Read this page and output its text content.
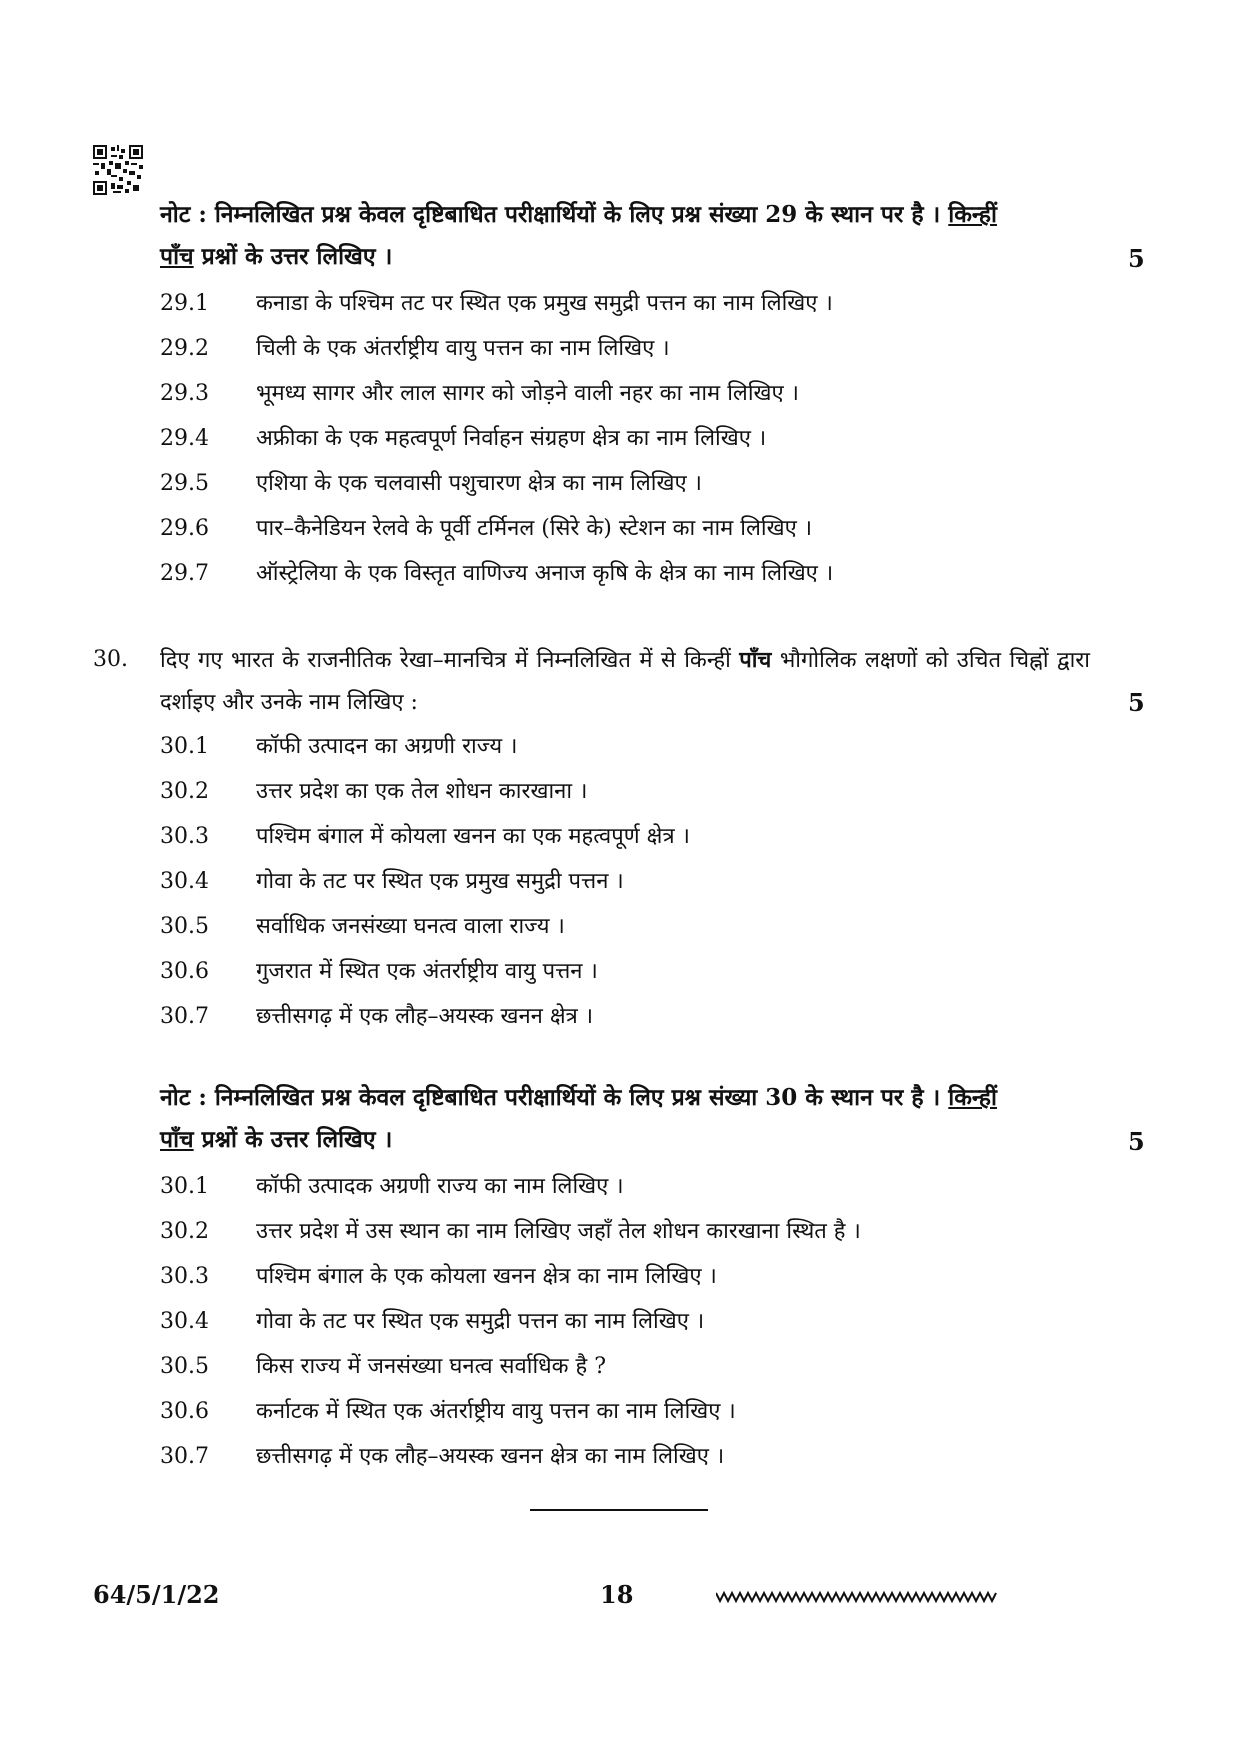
नोट : निम्नलिखित प्रश्न केवल दृष्टिबाधित परीक्षार्थियों के लिए प्रश्न संख्या 29 के स्थान पर है । किन्हीं
पाँच प्रश्नों के उत्तर लिखिए ।	5
29.1 कनाडा के पश्चिम तट पर स्थित एक प्रमुख समुद्री पत्तन का नाम लिखिए ।
29.2 चिली के एक अंतर्राष्ट्रीय वायु पत्तन का नाम लिखिए ।
29.3 भूमध्य सागर और लाल सागर को जोड़ने वाली नहर का नाम लिखिए ।
29.4 अफ्रीका के एक महत्वपूर्ण निर्वाहन संग्रहण क्षेत्र का नाम लिखिए ।
29.5 एशिया के एक चलवासी पशुचारण क्षेत्र का नाम लिखिए ।
29.6 पार–कैनेडियन रेलवे के पूर्वी टर्मिनल (सिरे के) स्टेशन का नाम लिखिए ।
29.7 ऑस्ट्रेलिया के एक विस्तृत वाणिज्य अनाज कृषि के क्षेत्र का नाम लिखिए ।
30. दिए गए भारत के राजनीतिक रेखा–मानचित्र में निम्नलिखित में से किन्हीं पाँच भौगोलिक लक्षणों को उचित चिह्नों द्वारा दर्शाइए और उनके नाम लिखिए :	5
30.1 कॉफी उत्पादन का अग्रणी राज्य ।
30.2 उत्तर प्रदेश का एक तेल शोधन कारखाना ।
30.3 पश्चिम बंगाल में कोयला खनन का एक महत्वपूर्ण क्षेत्र ।
30.4 गोवा के तट पर स्थित एक प्रमुख समुद्री पत्तन ।
30.5 सर्वाधिक जनसंख्या घनत्व वाला राज्य ।
30.6 गुजरात में स्थित एक अंतर्राष्ट्रीय वायु पत्तन ।
30.7 छत्तीसगढ़ में एक लौह–अयस्क खनन क्षेत्र ।
नोट : निम्नलिखित प्रश्न केवल दृष्टिबाधित परीक्षार्थियों के लिए प्रश्न संख्या 30 के स्थान पर है । किन्हीं
पाँच प्रश्नों के उत्तर लिखिए ।	5
30.1 कॉफी उत्पादक अग्रणी राज्य का नाम लिखिए ।
30.2 उत्तर प्रदेश में उस स्थान का नाम लिखिए जहाँ तेल शोधन कारखाना स्थित है ।
30.3 पश्चिम बंगाल के एक कोयला खनन क्षेत्र का नाम लिखिए ।
30.4 गोवा के तट पर स्थित एक समुद्री पत्तन का नाम लिखिए ।
30.5 किस राज्य में जनसंख्या घनत्व सर्वाधिक है ?
30.6 कर्नाटक में स्थित एक अंतर्राष्ट्रीय वायु पत्तन का नाम लिखिए ।
30.7 छत्तीसगढ़ में एक लौह–अयस्क खनन क्षेत्र का नाम लिखिए ।
64/5/1/22	18
